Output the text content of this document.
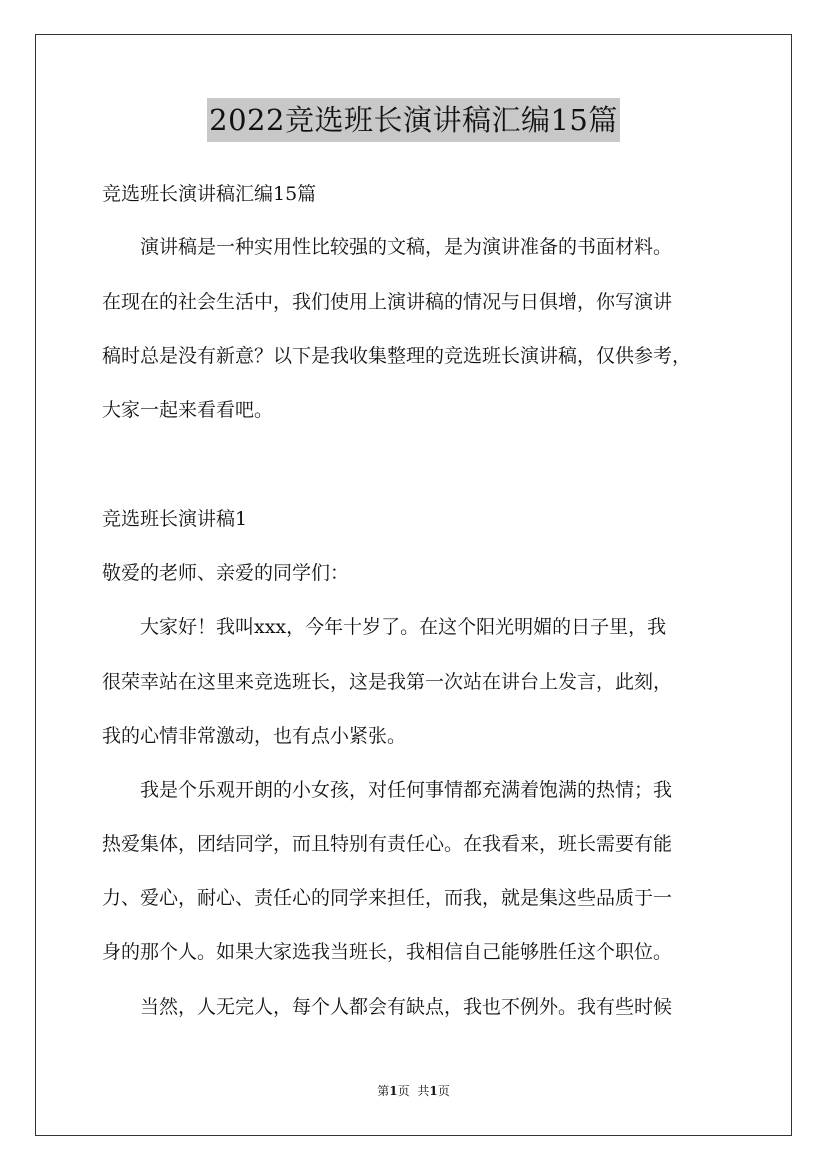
2022竞选班长演讲稿汇编15篇
竞选班长演讲稿汇编15篇
　　演讲稿是一种实用性比较强的文稿，是为演讲准备的书面材料。
在现在的社会生活中，我们使用上演讲稿的情况与日俱增，你写演讲
稿时总是没有新意？以下是我收集整理的竞选班长演讲稿，仅供参考，
大家一起来看看吧。
竞选班长演讲稿1
敬爱的老师、亲爱的同学们：
　　大家好！我叫xxx，今年十岁了。在这个阳光明媚的日子里，我
很荣幸站在这里来竞选班长，这是我第一次站在讲台上发言，此刻，
我的心情非常激动，也有点小紧张。
　　我是个乐观开朗的小女孩，对任何事情都充满着饱满的热情；我
热爱集体，团结同学，而且特别有责任心。在我看来，班长需要有能
力、爱心，耐心、责任心的同学来担任，而我，就是集这些品质于一
身的那个人。如果大家选我当班长，我相信自己能够胜任这个职位。
　　当然，人无完人，每个人都会有缺点，我也不例外。我有些时候
第1页 共1页
